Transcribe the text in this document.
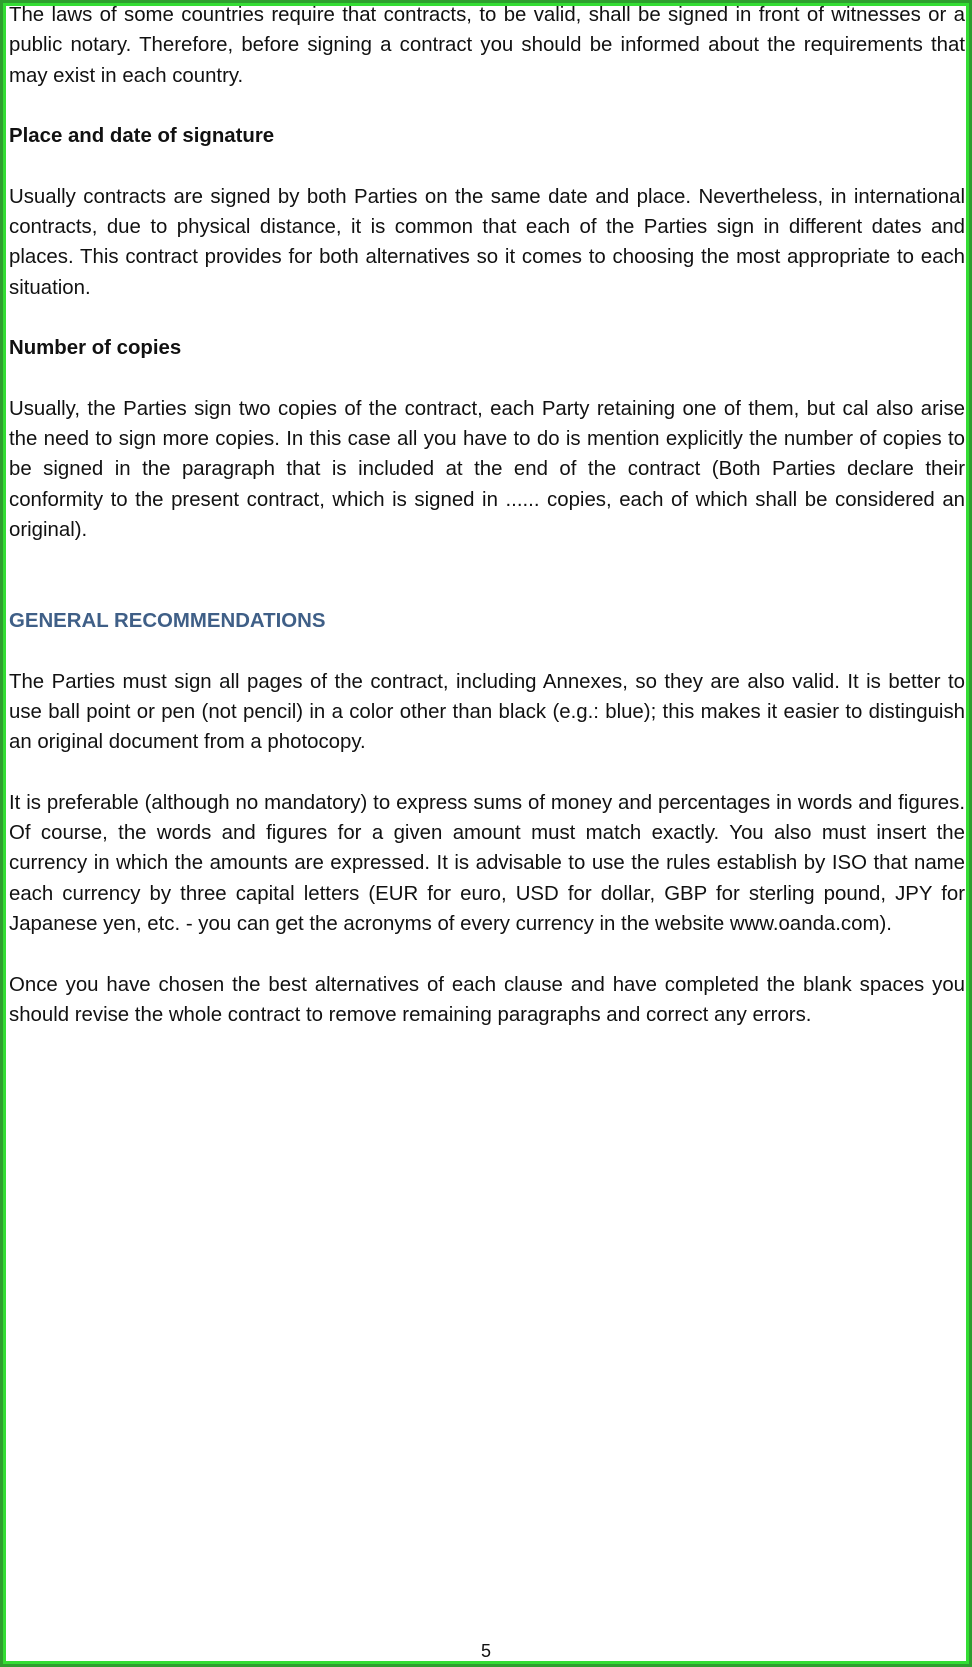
The laws of some countries require that contracts, to be valid, shall be signed in front of witnesses or a public notary. Therefore, before signing a contract you should be informed about the requirements that may exist in each country.

Place and date of signature

Usually contracts are signed by both Parties on the same date and place. Nevertheless, in international contracts, due to physical distance, it is common that each of the Parties sign in different dates and places. This contract provides for both alternatives so it comes to choosing the most appropriate to each situation.

Number of copies

Usually, the Parties sign two copies of the contract, each Party retaining one of them, but cal also arise the need to sign more copies. In this case all you have to do is mention explicitly the number of copies to be signed in the paragraph that is included at the end of the contract (Both Parties declare their conformity to the present contract, which is signed in ...... copies, each of which shall be considered an original).

GENERAL RECOMMENDATIONS

The Parties must sign all pages of the contract, including Annexes, so they are also valid. It is better to use ball point or pen (not pencil) in a color other than black (e.g.: blue); this makes it easier to distinguish an original document from a photocopy.

It is preferable (although no mandatory) to express sums of money and percentages in words and figures. Of course, the words and figures for a given amount must match exactly. You also must insert the currency in which the amounts are expressed. It is advisable to use the rules establish by ISO that name each currency by three capital letters (EUR for euro, USD for dollar, GBP for sterling pound, JPY for Japanese yen, etc. - you can get the acronyms of every currency in the website www.oanda.com).

Once you have chosen the best alternatives of each clause and have completed the blank spaces you should revise the whole contract to remove remaining paragraphs and correct any errors.

5
